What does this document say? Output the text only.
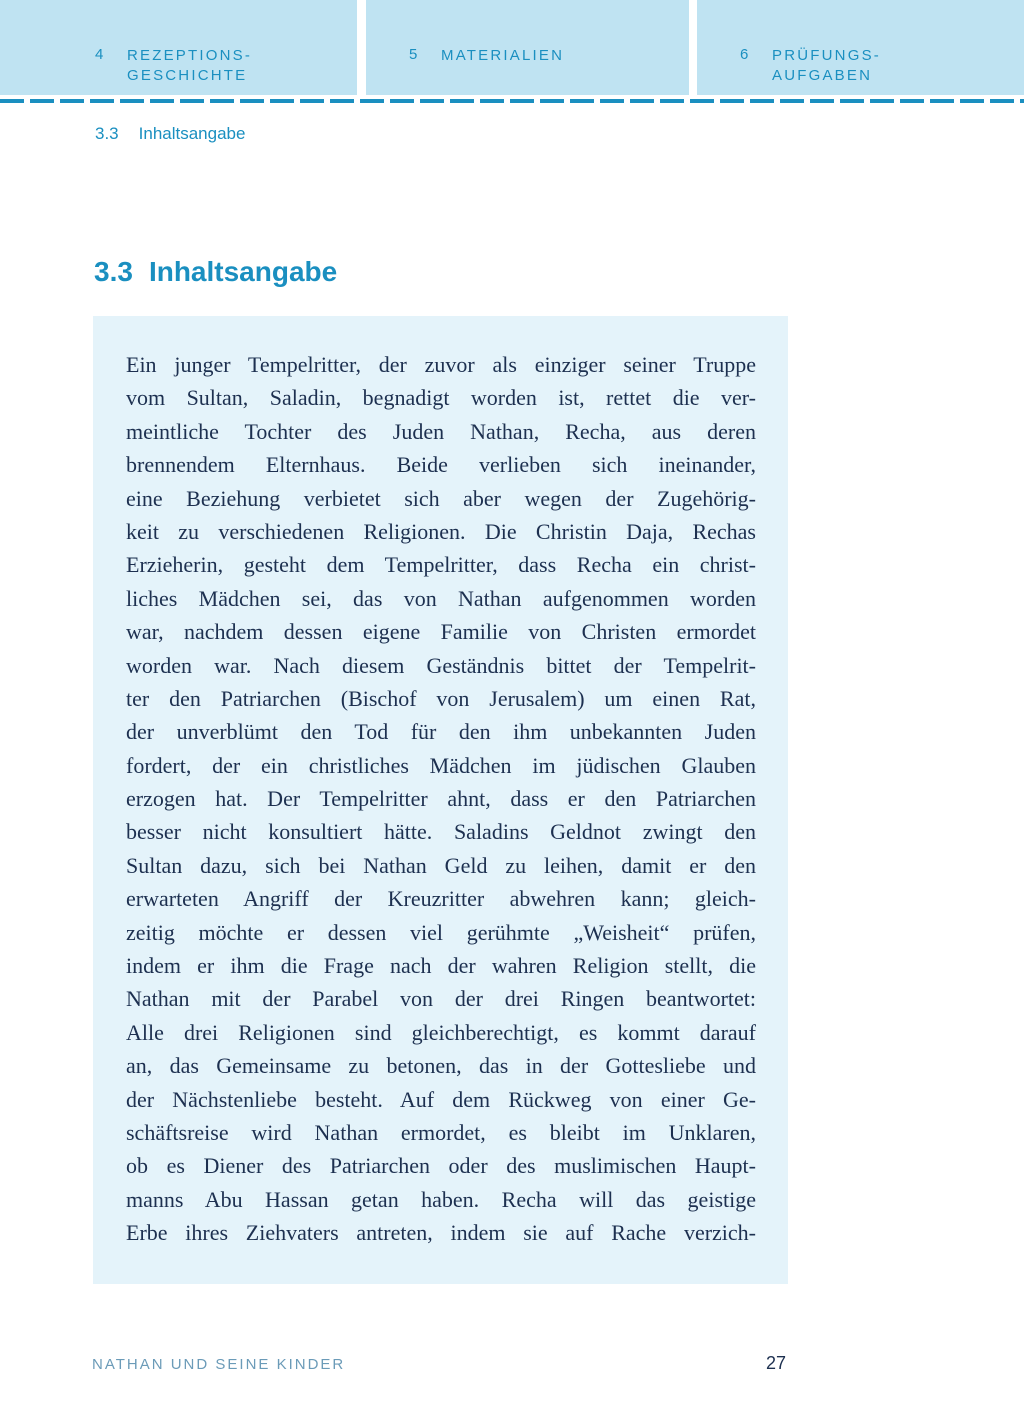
4 REZEPTIONS-
GESCHICHTE
5 MATERIALIEN	6 PRÜFUNGS-
AUFGABEN
3.3 Inhaltsangabe
3.3 Inhaltsangabe
Ein junger Tempelritter, der zuvor als einziger seiner Truppe
vom Sultan, Saladin, begnadigt worden ist, rettet die ver-
meintliche Tochter des Juden Nathan, Recha, aus deren
brennendem Elternhaus. Beide verlieben sich ineinander,
eine Beziehung verbietet sich aber wegen der Zugehörig-
keit zu verschiedenen Religionen. Die Christin Daja, Rechas
Erzieherin, gesteht dem Tempelritter, dass Recha ein christ-
liches Mädchen sei, das von Nathan aufgenommen worden
war, nachdem dessen eigene Familie von Christen ermordet
worden war. Nach diesem Geständnis bittet der Tempelrit-
ter den Patriarchen (Bischof von Jerusalem) um einen Rat,
der unverblümt den Tod für den ihm unbekannten Juden
fordert, der ein christliches Mädchen im jüdischen Glauben
erzogen hat. Der Tempelritter ahnt, dass er den Patriarchen
besser nicht konsultiert hätte. Saladins Geldnot zwingt den
Sultan dazu, sich bei Nathan Geld zu leihen, damit er den
erwarteten Angriff der Kreuzritter abwehren kann; gleich-
zeitig möchte er dessen viel gerühmte „Weisheit“ prüfen,
indem er ihm die Frage nach der wahren Religion stellt, die
Nathan mit der Parabel von der drei Ringen beantwortet:
Alle drei Religionen sind gleichberechtigt, es kommt darauf
an, das Gemeinsame zu betonen, das in der Gottesliebe und
der Nächstenliebe besteht. Auf dem Rückweg von einer Ge-
schäftsreise wird Nathan ermordet, es bleibt im Unklaren,
ob es Diener des Patriarchen oder des muslimischen Haupt-
manns Abu Hassan getan haben. Recha will das geistige
Erbe ihres Ziehvaters antreten, indem sie auf Rache verzich-
NATHAN UND SEINE KINDER	27
